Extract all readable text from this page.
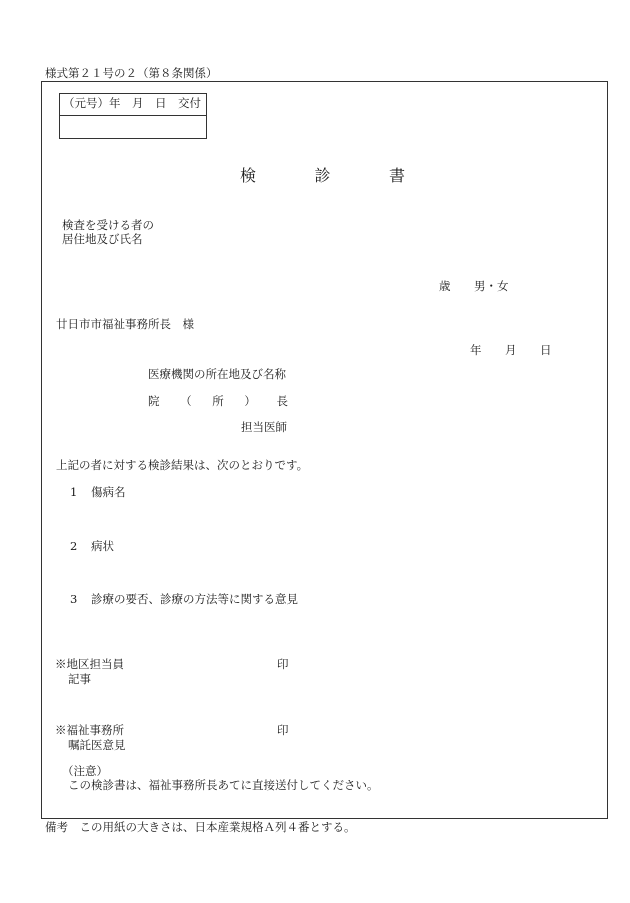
様式第２１号の２（第８条関係）
（元号） 年 月 日 交付
検	診	書
検査を受ける者の
居住地及び氏名
歳 男・女
廿日市市福祉事務所長　様
年 月 日
医療機関の所在地及び名称
院 （ 所 ） 長
担当医師
上記の者に対する検診結果は、次のとおりです。
1 傷病名
2 病状
3 診療の要否、診療の方法等に関する意見
※地区担当員
記事
印
※福祉事務所
嘱託医意見
印
（注意）
この検診書は、福祉事務所長あてに直接送付してください。
備考　この用紙の大きさは、日本産業規格Ａ列４番とする。
